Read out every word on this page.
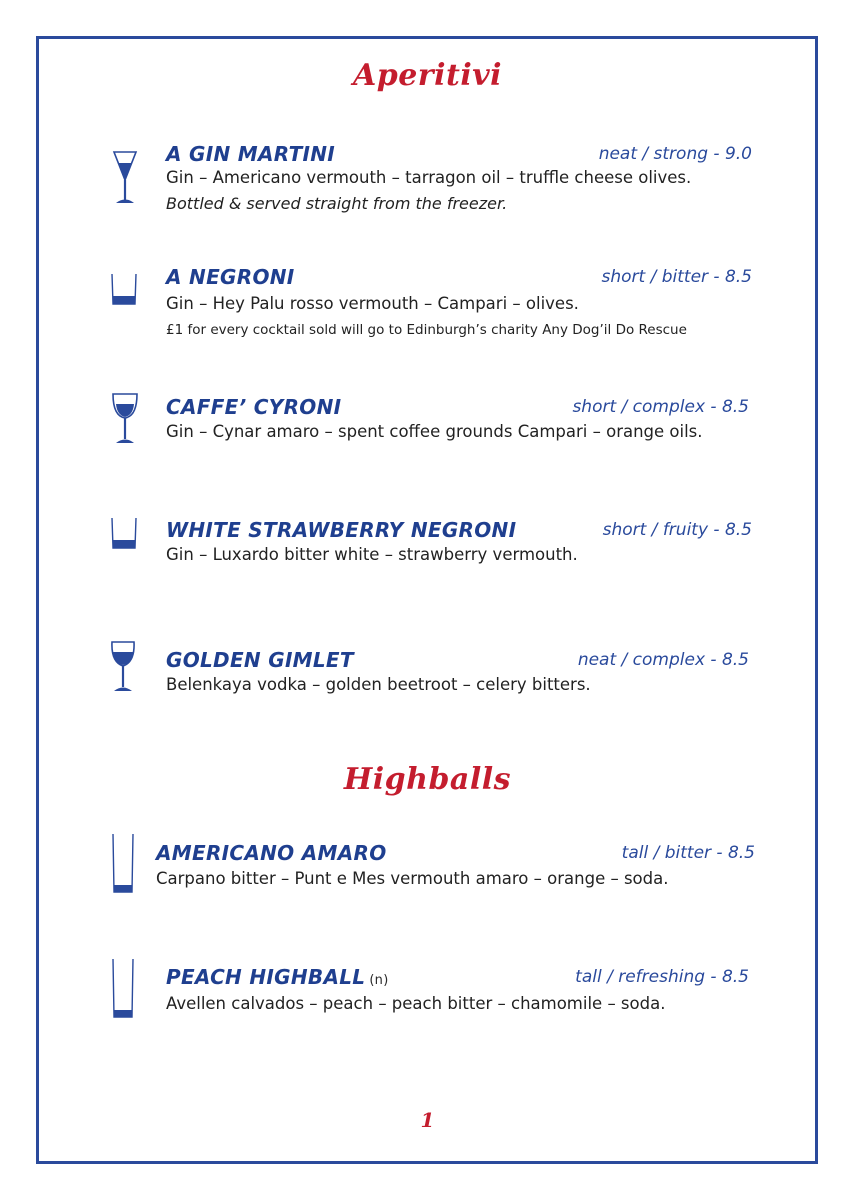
Aperitivi
A GIN MARTINI	neat / strong - 9.0
Gin – Americano vermouth – tarragon oil – truffle cheese olives.
Bottled & served straight from the freezer.
A NEGRONI	short / bitter - 8.5
Gin – Hey Palu rosso vermouth – Campari – olives.
£1 for every cocktail sold will go to Edinburgh’s charity Any Dog’il Do Rescue
CAFFE’ CYRONI	short / complex - 8.5
Gin – Cynar amaro – spent coffee grounds Campari – orange oils.
WHITE STRAWBERRY NEGRONI	short / fruity - 8.5
Gin – Luxardo bitter white – strawberry vermouth.
GOLDEN GIMLET	neat / complex - 8.5
Belenkaya vodka – golden beetroot – celery bitters.
Highballs
AMERICANO AMARO	tall / bitter - 8.5
Carpano bitter – Punt e Mes vermouth amaro – orange – soda.
PEACH HIGHBALL (n)	tall / refreshing - 8.5
Avellen calvados – peach – peach bitter – chamomile – soda.
1
